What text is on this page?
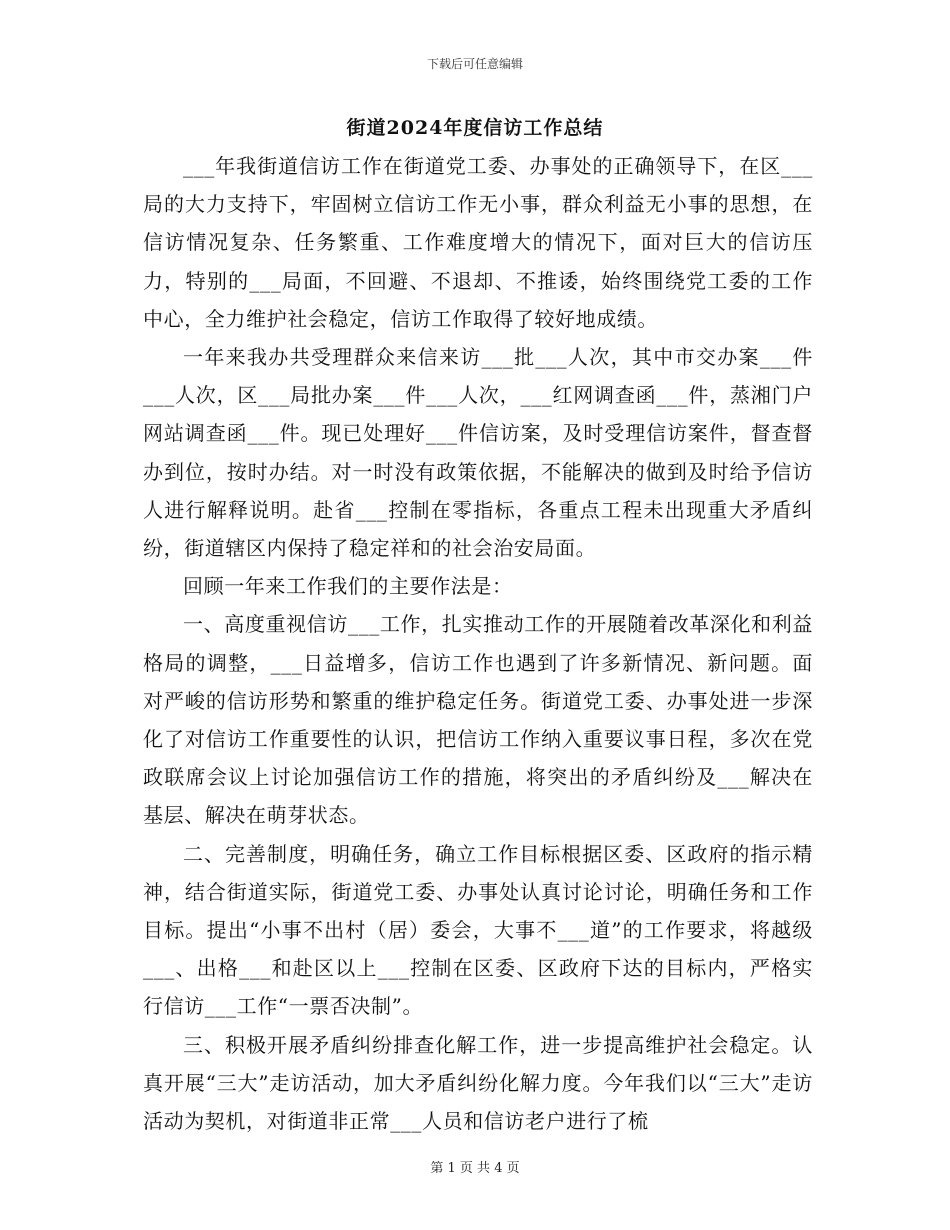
下载后可任意编辑
街道2024年度信访工作总结

___年我街道信访工作在街道党工委、办事处的正确领导下，在区___局的大力支持下，牢固树立信访工作无小事，群众利益无小事的思想，在信访情况复杂、任务繁重、工作难度增大的情况下，面对巨大的信访压力，特别的___局面，不回避、不退却、不推诿，始终围绕党工委的工作中心，全力维护社会稳定，信访工作取得了较好地成绩。

一年来我办共受理群众来信来访___批___人次，其中市交办案___件___人次，区___局批办案___件___人次，___红网调查函___件，蒸湘门户网站调查函___件。现已处理好___件信访案，及时受理信访案件，督查督办到位，按时办结。对一时没有政策依据，不能解决的做到及时给予信访人进行解释说明。赴省___控制在零指标，各重点工程未出现重大矛盾纠纷，街道辖区内保持了稳定祥和的社会治安局面。

回顾一年来工作我们的主要作法是：

一、高度重视信访___工作，扎实推动工作的开展随着改革深化和利益格局的调整，___日益增多，信访工作也遇到了许多新情况、新问题。面对严峻的信访形势和繁重的维护稳定任务。街道党工委、办事处进一步深化了对信访工作重要性的认识，把信访工作纳入重要议事日程，多次在党政联席会议上讨论加强信访工作的措施，将突出的矛盾纠纷及___解决在基层、解决在萌芽状态。

二、完善制度，明确任务，确立工作目标根据区委、区政府的指示精神，结合街道实际，街道党工委、办事处认真讨论讨论，明确任务和工作目标。提出“小事不出村（居）委会，大事不___道”的工作要求，将越级___、出格___和赴区以上___控制在区委、区政府下达的目标内，严格实行信访___工作“一票否决制”。

三、积极开展矛盾纠纷排查化解工作，进一步提高维护社会稳定。认真开展“三大”走访活动，加大矛盾纠纷化解力度。今年我们以“三大”走访活动为契机，对街道非正常___人员和信访老户进行了梳

第 1 页 共 4 页
